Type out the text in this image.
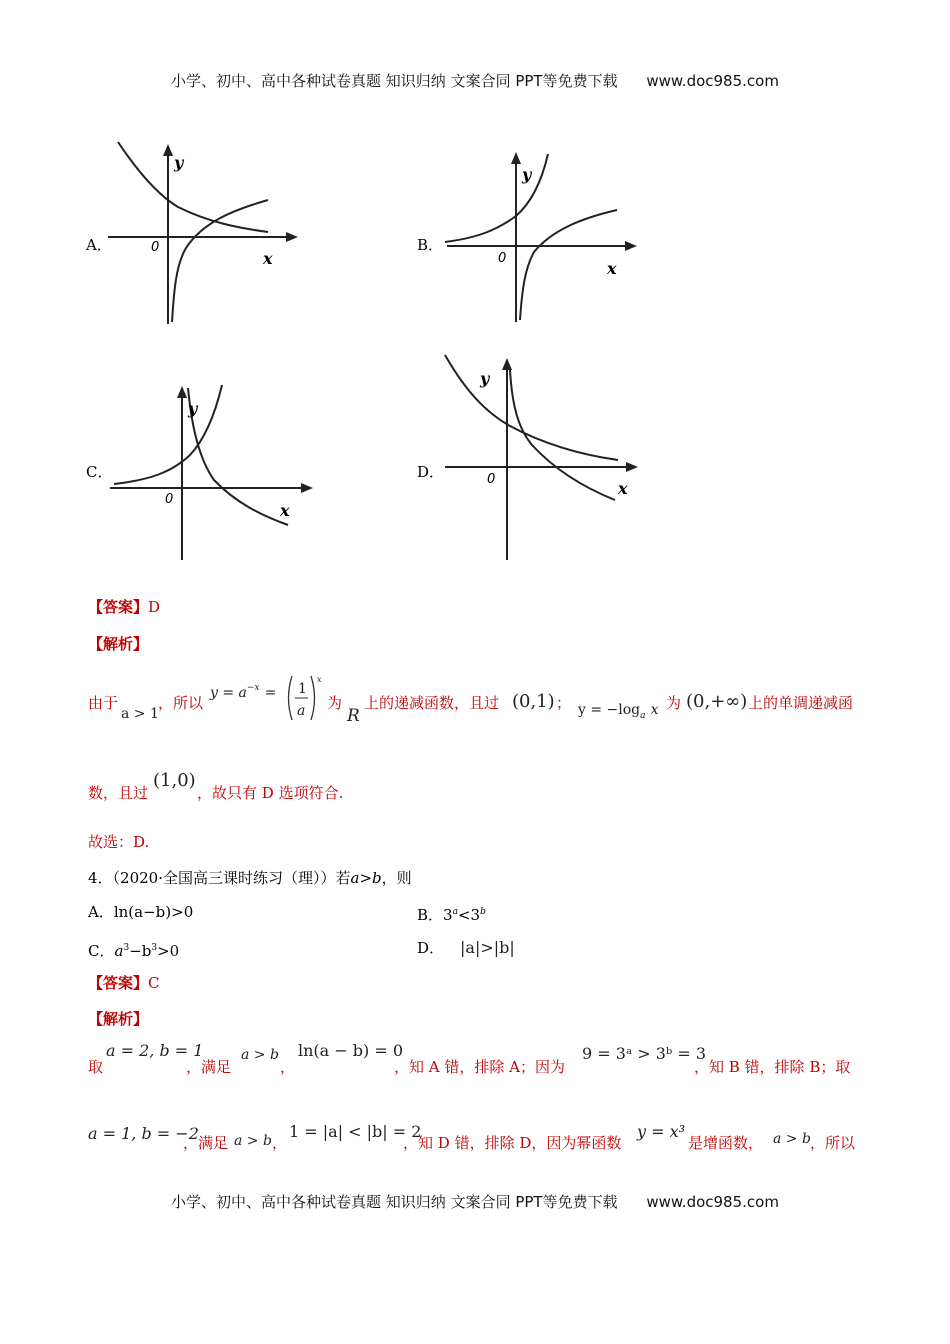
小学、初中、高中各种试卷真题 知识归纳 文案合同 PPT等免费下载 www.doc985.com
小学、初中、高中各种试卷真题 知识归纳 文案合同 PPT等免费下载 www.doc985.com
A．
y
x
0	B．
y
x
0
C．
y
x
0
D．
y
x
0
【答案】D
【解析】
由于
a > 1
，所以
$y = a^{-x} = 1$
a
x
为
R
上的递减函数，且过 (0,1) ； $y = -\log_a$ x 为 (0,+∞) 上的单调递减函
数，且过
(1,0)
，故只有 D 选项符合.
故选：D.
4．（2020·全国高三课时练习（理））若a>b，则
A．ln(a−b)>0	B．$3^a<3^b$
C．$a^3-b^3>0$	D． |a|>|b|
【答案】C
【解析】
取
a = 2, b = 1
，满足
a > b
，
ln(a − b) = 0
，知 A 错，排除 A；因为
9 = 3ᵃ > 3ᵇ = 3
，知 B 错，排除 B；取
a = 1, b = −2
，满足 a > b ，
1 = |a| < |b| = 2
，知 D 错，排除 D，因为幂函数
y = x³
是增函数， a > b ，所以
